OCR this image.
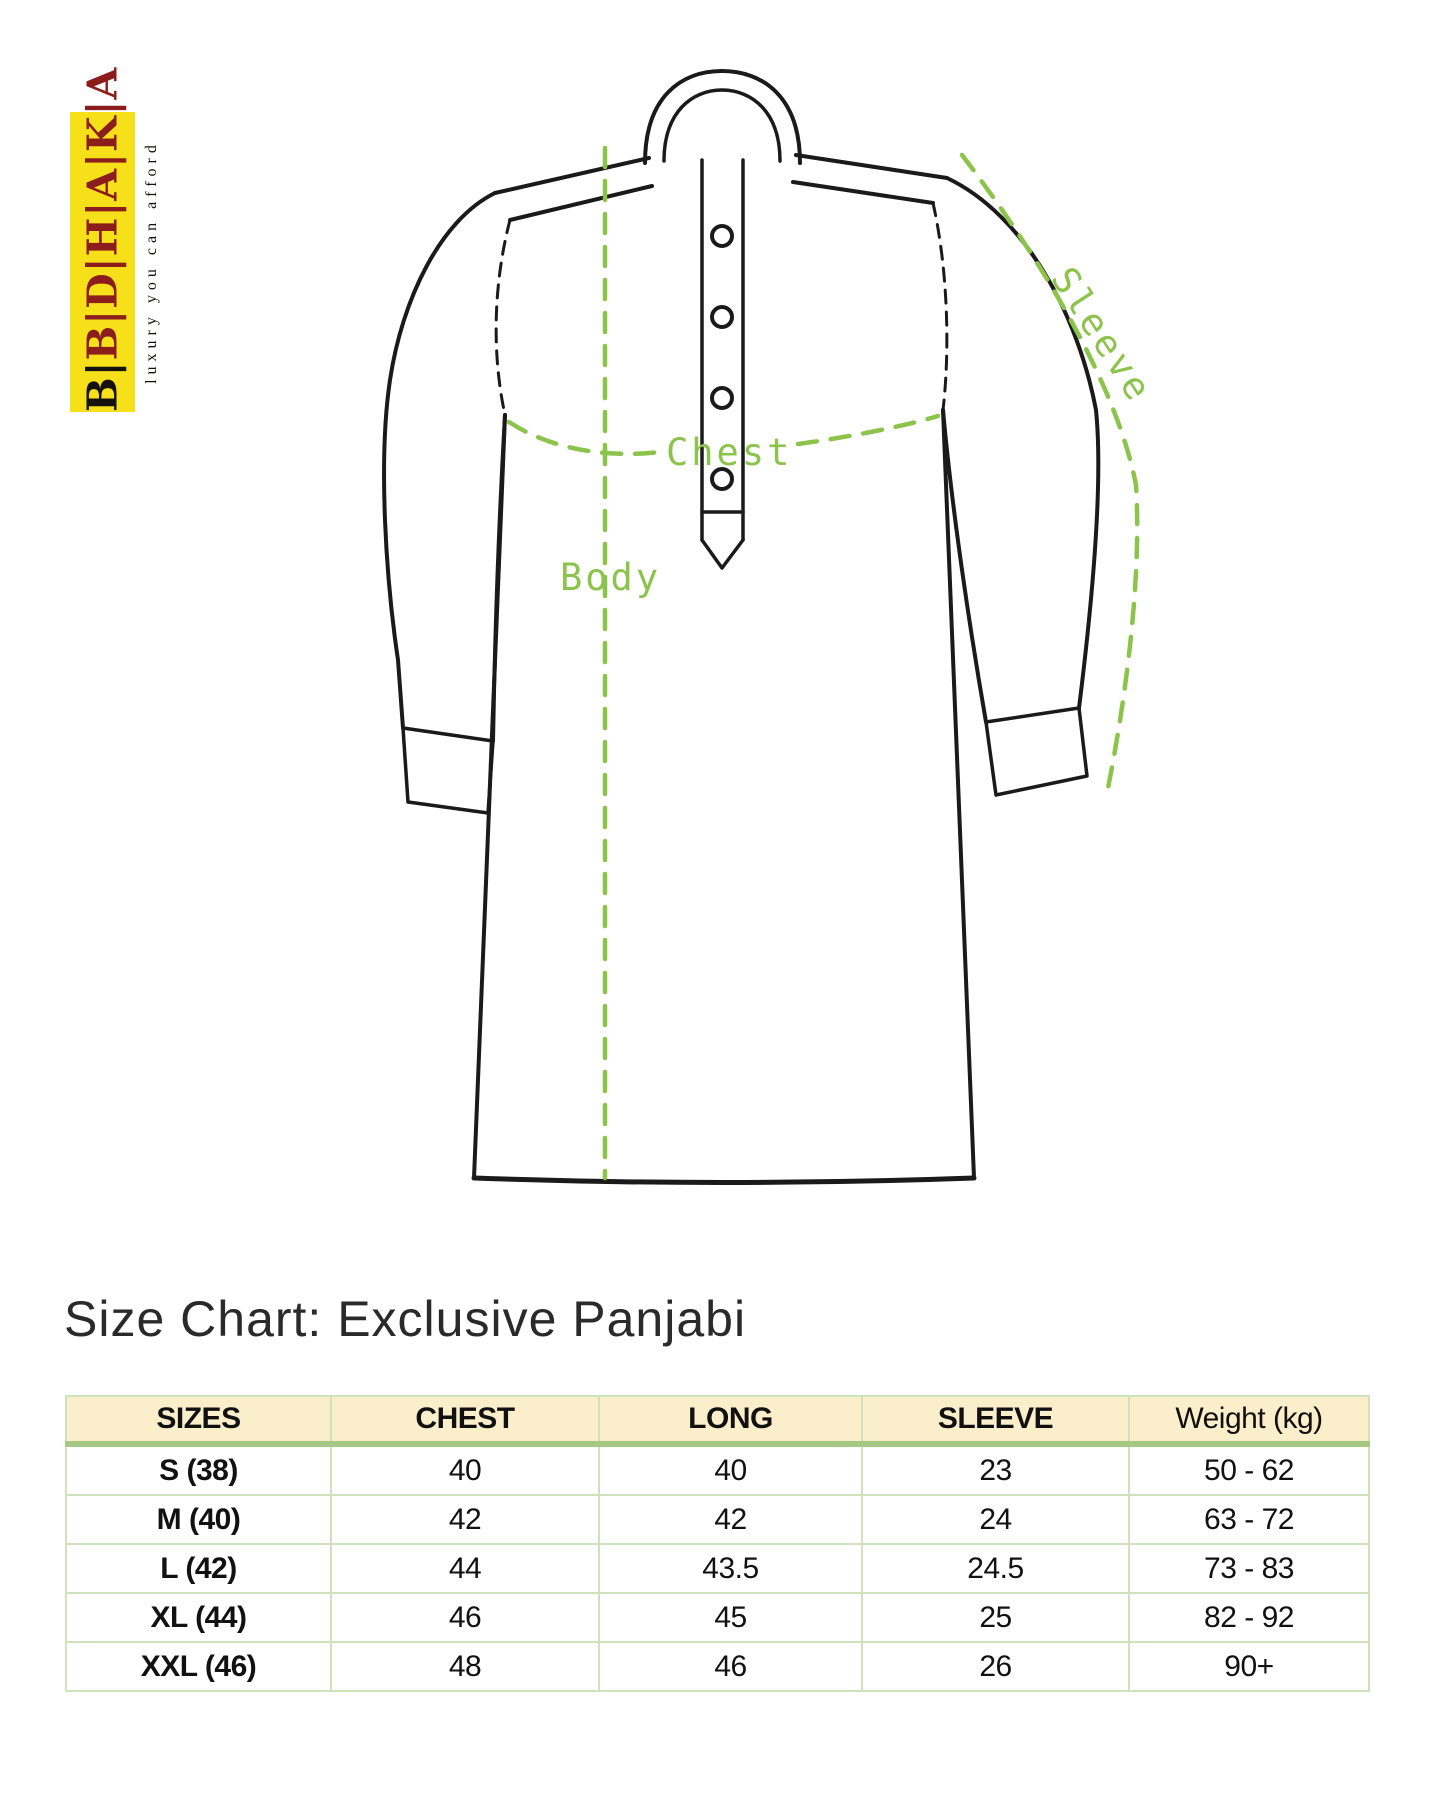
B|B|D|H|A|K|A	luxury you can afford
Chest
Body
Sleeve
Size Chart: Exclusive Panjabi
SIZES	CHEST	LONG	SLEEVE	Weight (kg)
S (38)	40	40	23	50 - 62
M (40)	42	42	24	63 - 72
L (42)	44	43.5	24.5	73 - 83
XL (44)	46	45	25	82 - 92
XXL (46)	48	46	26	90+
